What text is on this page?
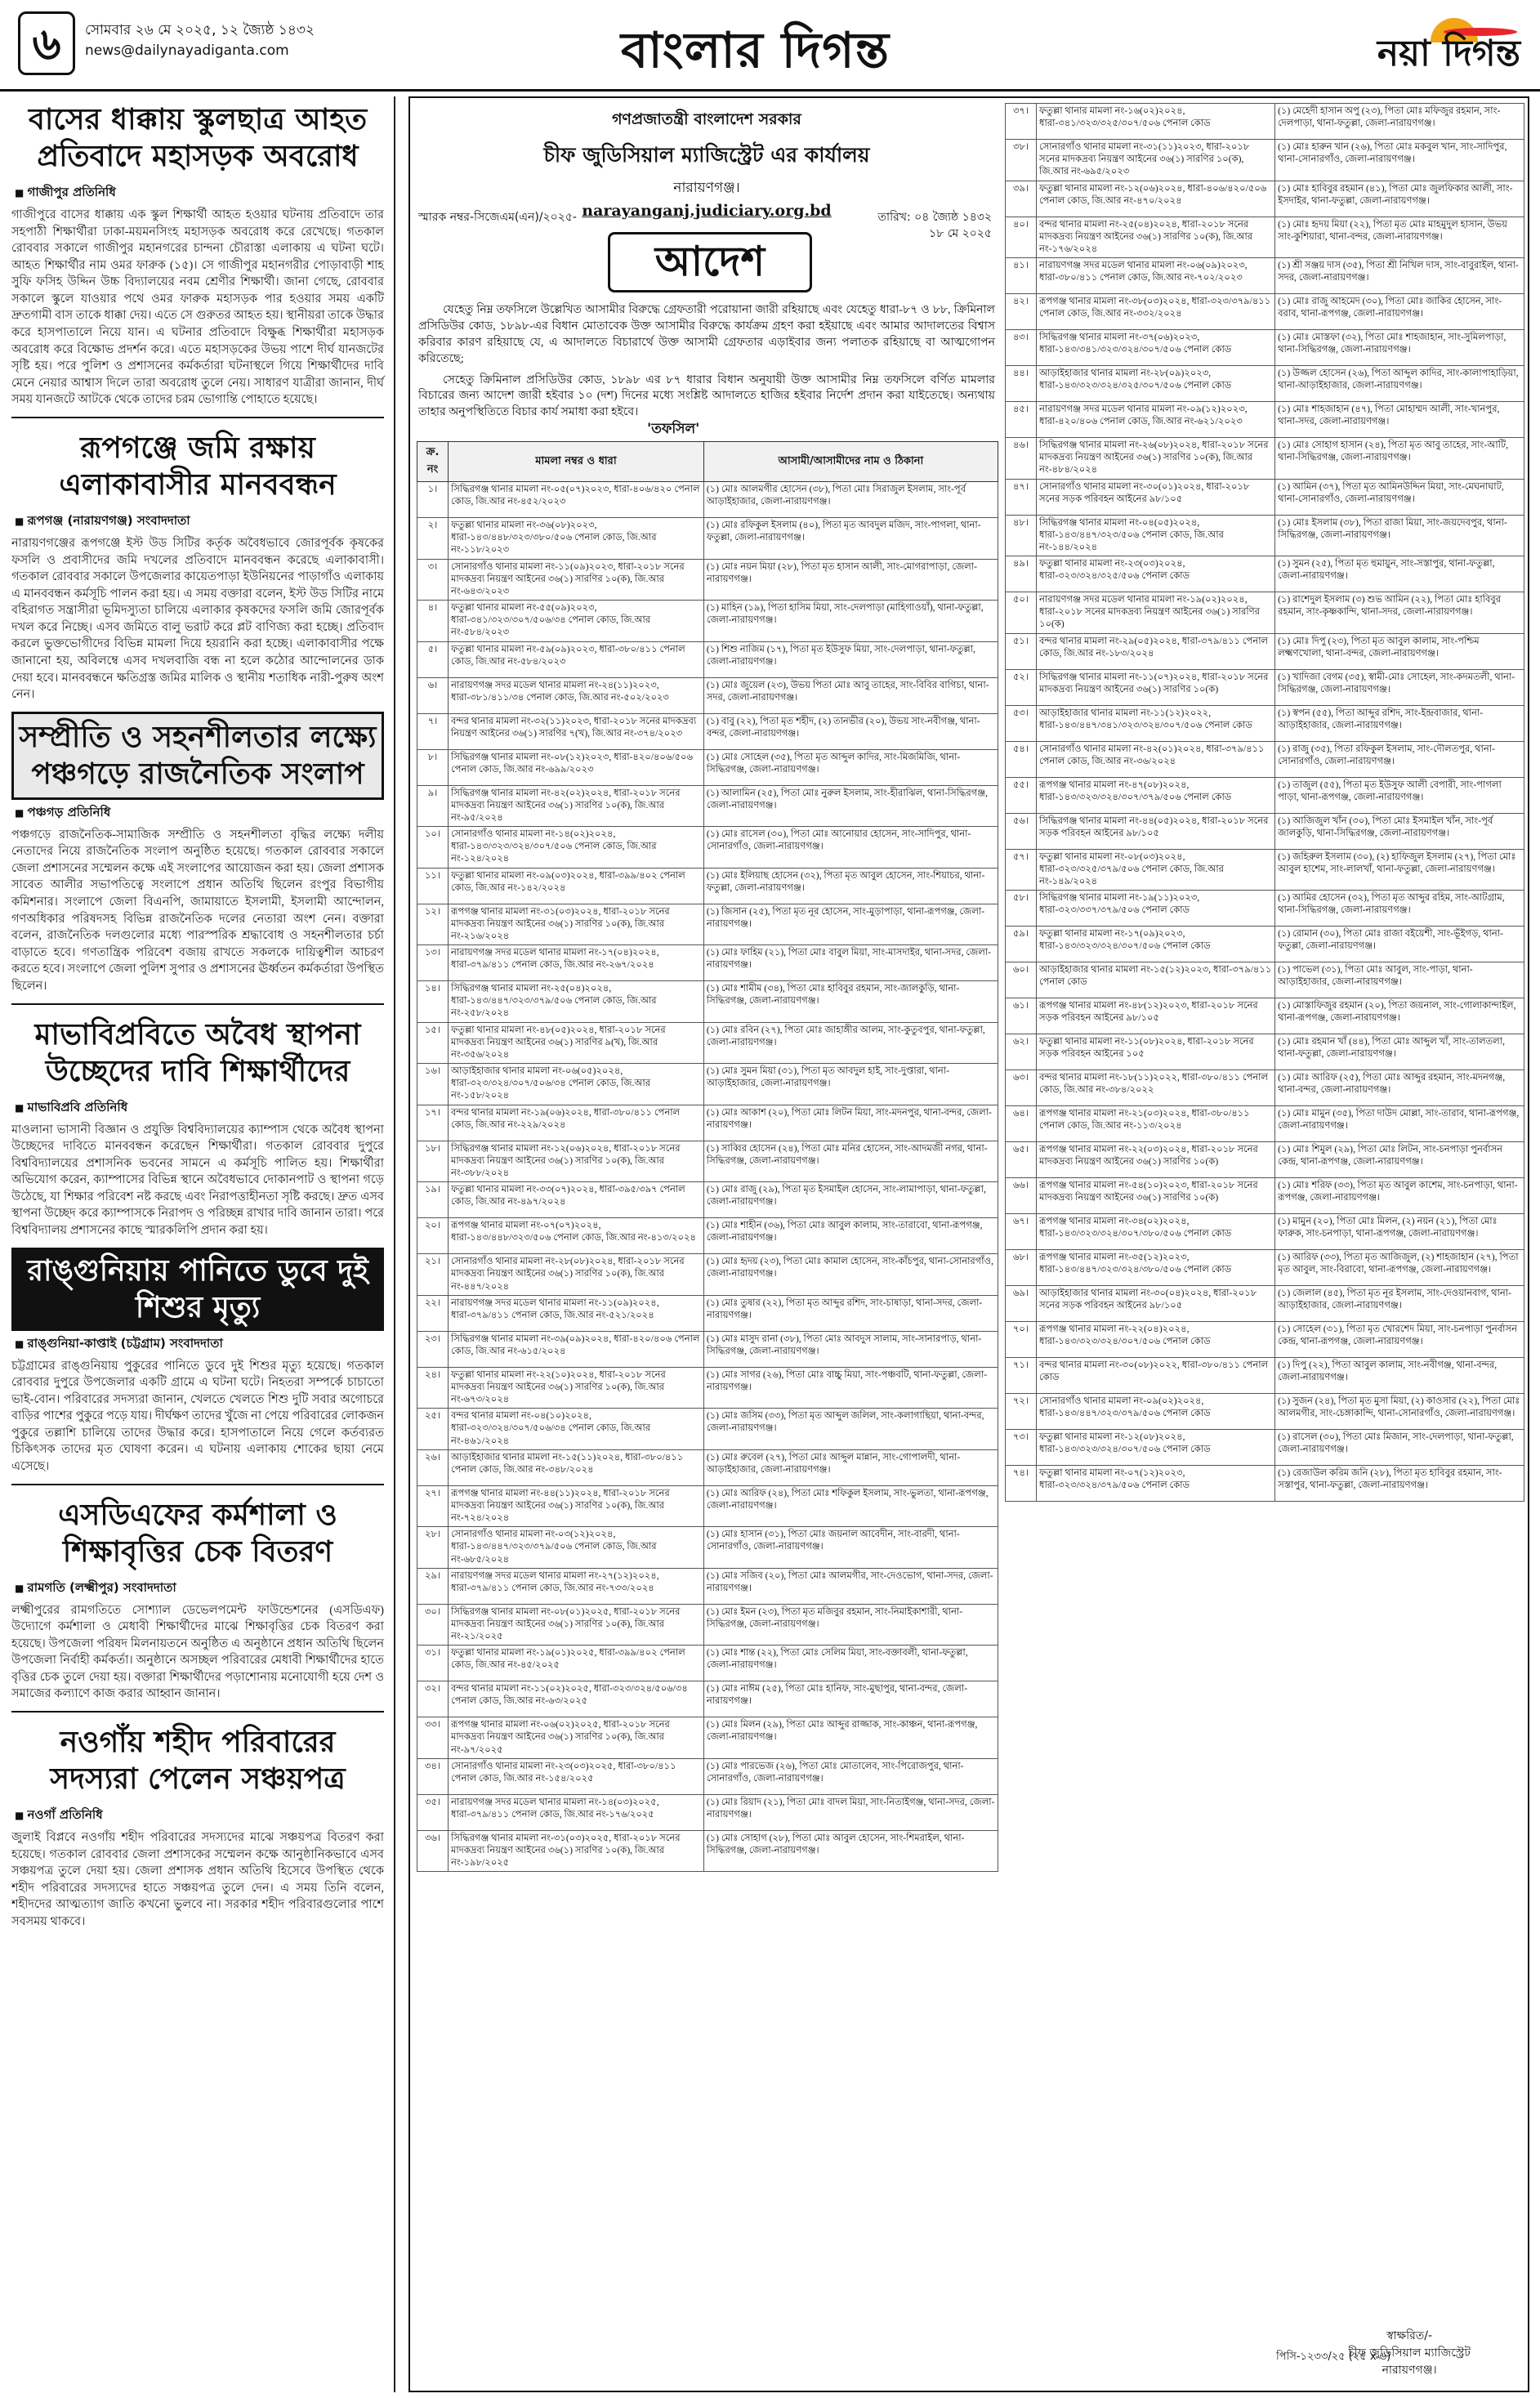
৬	সোমবার ২৬ মে ২০২৫, ১২ জ্যৈষ্ঠ ১৪৩২
news@dailynayadiganta.com	বাংলার দিগন্ত	নয়া দিগন্ত
বাসের ধাক্কায় স্কুলছাত্র আহত প্রতিবাদে মহাসড়ক অবরোধ
■ গাজীপুর প্রতিনিধি

গাজীপুরে বাসের ধাক্কায় এক স্কুল শিক্ষার্থী আহত হওয়ার ঘটনায় প্রতিবাদে তার সহপাঠী শিক্ষার্থীরা ঢাকা-ময়মনসিংহ মহাসড়ক অবরোধ করে রেখেছে। গতকাল রোববার সকালে গাজীপুর মহানগরের চান্দনা চৌরাস্তা এলাকায় এ ঘটনা ঘটে। আহত শিক্ষার্থীর নাম ওমর ফারুক (১৫)। সে গাজীপুর মহানগরীর পোড়াবাড়ী শাহ সুফি ফসিহ উদ্দিন উচ্চ বিদ্যালয়ের নবম শ্রেণীর শিক্ষার্থী। জানা গেছে, রোববার সকালে স্কুলে যাওয়ার পথে ওমর ফারুক মহাসড়ক পার হওয়ার সময় একটি দ্রুতগামী বাস তাকে ধাক্কা দেয়। এতে সে গুরুতর আহত হয়। স্থানীয়রা তাকে উদ্ধার করে হাসপাতালে নিয়ে যান। এ ঘটনার প্রতিবাদে বিক্ষুব্ধ শিক্ষার্থীরা মহাসড়ক অবরোধ করে বিক্ষোভ প্রদর্শন করে। এতে মহাসড়কের উভয় পাশে দীর্ঘ যানজটের সৃষ্টি হয়। পরে পুলিশ ও প্রশাসনের কর্মকর্তারা ঘটনাস্থলে গিয়ে শিক্ষার্থীদের দাবি মেনে নেয়ার আশ্বাস দিলে তারা অবরোধ তুলে নেয়। সাধারণ যাত্রীরা জানান, দীর্ঘ সময় যানজটে আটকে থেকে তাদের চরম ভোগান্তি পোহাতে হয়েছে।

রূপগঞ্জে জমি রক্ষায় এলাকাবাসীর মানববন্ধন
■ রূপগঞ্জ (নারায়ণগঞ্জ) সংবাদদাতা

নারায়ণগঞ্জের রূপগঞ্জে ইস্ট উড সিটির কর্তৃক অবৈধভাবে জোরপূর্বক কৃষকের ফসলি ও প্রবাসীদের জমি দখলের প্রতিবাদে মানববন্ধন করেছে এলাকাবাসী। গতকাল রোববার সকালে উপজেলার কায়েতপাড়া ইউনিয়নের পাড়াগাঁও এলাকায় এ মানববন্ধন কর্মসূচি পালন করা হয়। এ সময় বক্তারা বলেন, ইস্ট উড সিটির নামে বহিরাগত সন্ত্রাসীরা ভূমিদস্যুতা চালিয়ে এলাকার কৃষকদের ফসলি জমি জোরপূর্বক দখল করে নিচ্ছে। এসব জমিতে বালু ভরাট করে প্লট বাণিজ্য করা হচ্ছে। প্রতিবাদ করলে ভুক্তভোগীদের বিভিন্ন মামলা দিয়ে হয়রানি করা হচ্ছে। এলাকাবাসীর পক্ষে জানানো হয়, অবিলম্বে এসব দখলবাজি বন্ধ না হলে কঠোর আন্দোলনের ডাক দেয়া হবে। মানববন্ধনে ক্ষতিগ্রস্ত জমির মালিক ও স্থানীয় শতাধিক নারী-পুরুষ অংশ নেন।

সম্প্রীতি ও সহনশীলতার লক্ষ্যে পঞ্চগড়ে রাজনৈতিক সংলাপ
■ পঞ্চগড় প্রতিনিধি

পঞ্চগড়ে রাজনৈতিক-সামাজিক সম্প্রীতি ও সহনশীলতা বৃদ্ধির লক্ষ্যে দলীয় নেতাদের নিয়ে রাজনৈতিক সংলাপ অনুষ্ঠিত হয়েছে। গতকাল রোববার সকালে জেলা প্রশাসনের সম্মেলন কক্ষে এই সংলাপের আয়োজন করা হয়। জেলা প্রশাসক সাবেত আলীর সভাপতিত্বে সংলাপে প্রধান অতিথি ছিলেন রংপুর বিভাগীয় কমিশনার। সংলাপে জেলা বিএনপি, জামায়াতে ইসলামী, ইসলামী আন্দোলন, গণঅধিকার পরিষদসহ বিভিন্ন রাজনৈতিক দলের নেতারা অংশ নেন। বক্তারা বলেন, রাজনৈতিক দলগুলোর মধ্যে পারস্পরিক শ্রদ্ধাবোধ ও সহনশীলতার চর্চা বাড়াতে হবে। গণতান্ত্রিক পরিবেশ বজায় রাখতে সকলকে দায়িত্বশীল আচরণ করতে হবে। সংলাপে জেলা পুলিশ সুপার ও প্রশাসনের ঊর্ধ্বতন কর্মকর্তারা উপস্থিত ছিলেন।

মাভাবিপ্রবিতে অবৈধ স্থাপনা উচ্ছেদের দাবি শিক্ষার্থীদের
■ মাভাবিপ্রবি প্রতিনিধি

মাওলানা ভাসানী বিজ্ঞান ও প্রযুক্তি বিশ্ববিদ্যালয়ের ক্যাম্পাস থেকে অবৈধ স্থাপনা উচ্ছেদের দাবিতে মানববন্ধন করেছেন শিক্ষার্থীরা। গতকাল রোববার দুপুরে বিশ্ববিদ্যালয়ের প্রশাসনিক ভবনের সামনে এ কর্মসূচি পালিত হয়। শিক্ষার্থীরা অভিযোগ করেন, ক্যাম্পাসের বিভিন্ন স্থানে অবৈধভাবে দোকানপাট ও স্থাপনা গড়ে উঠেছে, যা শিক্ষার পরিবেশ নষ্ট করছে এবং নিরাপত্তাহীনতা সৃষ্টি করছে। দ্রুত এসব স্থাপনা উচ্ছেদ করে ক্যাম্পাসকে নিরাপদ ও পরিচ্ছন্ন রাখার দাবি জানান তারা। পরে বিশ্ববিদ্যালয় প্রশাসনের কাছে স্মারকলিপি প্রদান করা হয়।

রাঙ্গুনিয়ায় পানিতে ডুবে দুই শিশুর মৃত্যু
■ রাঙ্গুনিয়া-কাপ্তাই (চট্টগ্রাম) সংবাদদাতা

চট্টগ্রামের রাঙ্গুনিয়ায় পুকুরের পানিতে ডুবে দুই শিশুর মৃত্যু হয়েছে। গতকাল রোববার দুপুরে উপজেলার একটি গ্রামে এ ঘটনা ঘটে। নিহতরা সম্পর্কে চাচাতো ভাই-বোন। পরিবারের সদস্যরা জানান, খেলতে খেলতে শিশু দুটি সবার অগোচরে বাড়ির পাশের পুকুরে পড়ে যায়। দীর্ঘক্ষণ তাদের খুঁজে না পেয়ে পরিবারের লোকজন পুকুরে তল্লাশি চালিয়ে তাদের উদ্ধার করে। হাসপাতালে নিয়ে গেলে কর্তব্যরত চিকিৎসক তাদের মৃত ঘোষণা করেন। এ ঘটনায় এলাকায় শোকের ছায়া নেমে এসেছে।

এসডিএফের কর্মশালা ও শিক্ষাবৃত্তির চেক বিতরণ
■ রামগতি (লক্ষ্মীপুর) সংবাদদাতা

লক্ষ্মীপুরের রামগতিতে সোশ্যাল ডেভেলপমেন্ট ফাউন্ডেশনের (এসডিএফ) উদ্যোগে কর্মশালা ও মেধাবী শিক্ষার্থীদের মাঝে শিক্ষাবৃত্তির চেক বিতরণ করা হয়েছে। উপজেলা পরিষদ মিলনায়তনে অনুষ্ঠিত এ অনুষ্ঠানে প্রধান অতিথি ছিলেন উপজেলা নির্বাহী কর্মকর্তা। অনুষ্ঠানে অসচ্ছল পরিবারের মেধাবী শিক্ষার্থীদের হাতে বৃত্তির চেক তুলে দেয়া হয়। বক্তারা শিক্ষার্থীদের পড়াশোনায় মনোযোগী হয়ে দেশ ও সমাজের কল্যাণে কাজ করার আহ্বান জানান।

নওগাঁয় শহীদ পরিবারের সদস্যরা পেলেন সঞ্চয়পত্র
■ নওগাঁ প্রতিনিধি

জুলাই বিপ্লবে নওগাঁয় শহীদ পরিবারের সদস্যদের মাঝে সঞ্চয়পত্র বিতরণ করা হয়েছে। গতকাল রোববার জেলা প্রশাসকের সম্মেলন কক্ষে আনুষ্ঠানিকভাবে এসব সঞ্চয়পত্র তুলে দেয়া হয়। জেলা প্রশাসক প্রধান অতিথি হিসেবে উপস্থিত থেকে শহীদ পরিবারের সদস্যদের হাতে সঞ্চয়পত্র তুলে দেন। এ সময় তিনি বলেন, শহীদদের আত্মত্যাগ জাতি কখনো ভুলবে না। সরকার শহীদ পরিবারগুলোর পাশে সবসময় থাকবে।

গণপ্রজাতন্ত্রী বাংলাদেশ সরকার
চীফ জুডিসিয়াল ম্যাজিস্ট্রেট এর কার্যালয়
নারায়ণগঞ্জ।
narayanganj.judiciary.org.bd
স্মারক নম্বর-সিজেএম(এন)/২০২৫-	তারিখ: ০৪ জ্যৈষ্ঠ ১৪৩২
১৮ মে ২০২৫
আদেশ

যেহেতু নিম্ন তফসিলে উল্লেখিত আসামীর বিরুদ্ধে গ্রেফতারী পরোয়ানা জারী রহিয়াছে এবং যেহেতু ধারা-৮৭ ও ৮৮, ক্রিমিনাল প্রসিডিউর কোড, ১৮৯৮-এর বিধান মোতাবেক উক্ত আসামীর বিরুদ্ধে কার্যক্রম গ্রহণ করা হইয়াছে এবং আমার আদালতের বিশ্বাস করিবার কারণ রহিয়াছে যে, এ আদালতে বিচারার্থে উক্ত আসামী গ্রেফতার এড়াইবার জন্য পলাতক রহিয়াছে বা আত্মগোপন করিতেছে;

সেহেতু ক্রিমিনাল প্রসিডিউর কোড, ১৮৯৮ এর ৮৭ ধারার বিধান অনুযায়ী উক্ত আসামীর নিম্ন তফসিলে বর্ণিত মামলার বিচারের জন্য আদেশ জারী হইবার ১০ (দশ) দিনের মধ্যে সংশ্লিষ্ট আদালতে হাজির হইবার নির্দেশ প্রদান করা যাইতেছে। অন্যথায় তাহার অনুপস্থিতিতে বিচার কার্য সমাধা করা হইবে।

'তফসিল'
ক্র. নং	মামলা নম্বর ও ধারা	আসামী/আসামীদের নাম ও ঠিকানা
১।	সিদ্ধিরগঞ্জ থানার মামলা নং-০৫(০৭)২০২৩, ধারা-৪০৬/৪২০ পেনাল কোড, জি.আর নং-৪৫২/২০২৩	(১) মোঃ আলমগীর হোসেন (৩৮), পিতা মোঃ সিরাজুল ইসলাম, সাং-পূর্ব আড়াইহাজার, জেলা-নারায়ণগঞ্জ।
২।	ফতুল্লা থানার মামলা নং-৩৬(০৮)২০২৩, ধারা-১৪৩/৪৪৮/৩২৩/৩৮০/৫০৬ পেনাল কোড, জি.আর নং-১১৮/২০২৩	(১) মোঃ রফিকুল ইসলাম (৪০), পিতা মৃত আবদুল মজিদ, সাং-পাগলা, থানা-ফতুল্লা, জেলা-নারায়ণগঞ্জ।
৩।	সোনারগাঁও থানার মামলা নং-১১(০৯)২০২৩, ধারা-২০১৮ সনের মাদকদ্রব্য নিয়ন্ত্রণ আইনের ৩৬(১) সারণির ১০(ক), জি.আর নং-৬৪৩/২০২৩	(১) মোঃ নয়ন মিয়া (২৮), পিতা মৃত হাসান আলী, সাং-মোগরাপাড়া, জেলা-নারায়ণগঞ্জ।
৪।	ফতুল্লা থানার মামলা নং-৫৫(০৯)২০২৩, ধারা-৩৪১/৩২৩/৩০৭/৫০৬/৩৪ পেনাল কোড, জি.আর নং-৫৮৪/২০২৩	(১) মাহিন (১৯), পিতা হাসিম মিয়া, সাং-দেলপাড়া (মাহিগাওয়াঁ), থানা-ফতুল্লা, জেলা-নারায়ণগঞ্জ।
৫।	ফতুল্লা থানার মামলা নং-৫৯(০৯)২০২৩, ধারা-৩৮০/৪১১ পেনাল কোড, জি.আর নং-৫৮৪/২০২৩	(১) শিশু নাজিম (১৭), পিতা মৃত ইউসুফ মিয়া, সাং-দেলপাড়া, থানা-ফতুল্লা, জেলা-নারায়ণগঞ্জ।
৬।	নারায়ণগঞ্জ সদর মডেল থানার মামলা নং-২৪(১১)২০২৩, ধারা-৩৮১/৪১১/৩৪ পেনাল কোড, জি.আর নং-৫০২/২০২৩	(১) মোঃ জুয়েল (২৩), উভয় পিতা মোঃ আবু তাহের, সাং-বিবির বাগিচা, থানা-সদর, জেলা-নারায়ণগঞ্জ।
৭।	বন্দর থানার মামলা নং-৩২(১১)২০২৩, ধারা-২০১৮ সনের মাদকদ্রব্য নিয়ন্ত্রণ আইনের ৩৬(১) সারণির ৭(খ), জি.আর নং-৩৭৪/২০২৩	(১) বাবু (২২), পিতা মৃত শহীদ, (২) তানভীর (২০), উভয় সাং-নবীগঞ্জ, থানা-বন্দর, জেলা-নারায়ণগঞ্জ।
৮।	সিদ্ধিরগঞ্জ থানার মামলা নং-০৮(১২)২০২৩, ধারা-৪২০/৪০৬/৫০৬ পেনাল কোড, জি.আর নং-৬৯৯/২০২৩	(১) মোঃ সোহেল (৩৫), পিতা মৃত আব্দুল কাদির, সাং-মিজমিজি, থানা-সিদ্ধিরগঞ্জ, জেলা-নারায়ণগঞ্জ।
৯।	সিদ্ধিরগঞ্জ থানার মামলা নং-৪২(০২)২০২৪, ধারা-২০১৮ সনের মাদকদ্রব্য নিয়ন্ত্রণ আইনের ৩৬(১) সারণির ১০(ক), জি.আর নং-৯৫/২০২৪	(১) আলামিন (২৫), পিতা মোঃ নুরুল ইসলাম, সাং-হীরাঝিল, থানা-সিদ্ধিরগঞ্জ, জেলা-নারায়ণগঞ্জ।
১০।	সোনারগাঁও থানার মামলা নং-১৪(০২)২০২৪, ধারা-১৪৩/৩২৩/৩২৪/৩০৭/৫০৬ পেনাল কোড, জি.আর নং-১২৪/২০২৪	(১) মোঃ রাসেল (৩০), পিতা মোঃ আনোয়ার হোসেন, সাং-সাদিপুর, থানা-সোনারগাঁও, জেলা-নারায়ণগঞ্জ।
১১।	ফতুল্লা থানার মামলা নং-০৯(০৩)২০২৪, ধারা-৩৯৯/৪০২ পেনাল কোড, জি.আর নং-১৪২/২০২৪	(১) মোঃ ইলিয়াছ হোসেন (৩২), পিতা মৃত আবুল হোসেন, সাং-শিয়াচর, থানা-ফতুল্লা, জেলা-নারায়ণগঞ্জ।
১২।	রূপগঞ্জ থানার মামলা নং-৩১(০৩)২০২৪, ধারা-২০১৮ সনের মাদকদ্রব্য নিয়ন্ত্রণ আইনের ৩৬(১) সারণির ১০(ক), জি.আর নং-২১৬/২০২৪	(১) জিসান (২৫), পিতা মৃত নূর হোসেন, সাং-মুড়াপাড়া, থানা-রূপগঞ্জ, জেলা-নারায়ণগঞ্জ।
১৩।	নারায়ণগঞ্জ সদর মডেল থানার মামলা নং-১৭(০৪)২০২৪, ধারা-৩৭৯/৪১১ পেনাল কোড, জি.আর নং-২৬৭/২০২৪	(১) মোঃ ফাহিম (২১), পিতা মোঃ বাবুল মিয়া, সাং-মাসদাইর, থানা-সদর, জেলা-নারায়ণগঞ্জ।
১৪।	সিদ্ধিরগঞ্জ থানার মামলা নং-২৫(০৪)২০২৪, ধারা-১৪৩/৪৪৭/৩২৩/৩৭৯/৫০৬ পেনাল কোড, জি.আর নং-২৫৮/২০২৪	(১) মোঃ শামীম (৩৪), পিতা মোঃ হাবিবুর রহমান, সাং-জালকুড়ি, থানা-সিদ্ধিরগঞ্জ, জেলা-নারায়ণগঞ্জ।
১৫।	ফতুল্লা থানার মামলা নং-৪৮(০৫)২০২৪, ধারা-২০১৮ সনের মাদকদ্রব্য নিয়ন্ত্রণ আইনের ৩৬(১) সারণির ৯(খ), জি.আর নং-৩৫৬/২০২৪	(১) মোঃ রবিন (২৭), পিতা মোঃ জাহাঙ্গীর আলম, সাং-কুতুবপুর, থানা-ফতুল্লা, জেলা-নারায়ণগঞ্জ।
১৬।	আড়াইহাজার থানার মামলা নং-০৬(০৫)২০২৪, ধারা-৩২৩/৩২৪/৩০৭/৫০৬/৩৪ পেনাল কোড, জি.আর নং-১৫৮/২০২৪	(১) মোঃ সুমন মিয়া (৩১), পিতা মৃত আবদুল হাই, সাং-দুপ্তারা, থানা-আড়াইহাজার, জেলা-নারায়ণগঞ্জ।
১৭।	বন্দর থানার মামলা নং-১৯(০৬)২০২৪, ধারা-৩৮০/৪১১ পেনাল কোড, জি.আর নং-২২৯/২০২৪	(১) মোঃ আকাশ (২০), পিতা মোঃ লিটন মিয়া, সাং-মদনপুর, থানা-বন্দর, জেলা-নারায়ণগঞ্জ।
১৮।	সিদ্ধিরগঞ্জ থানার মামলা নং-১২(০৬)২০২৪, ধারা-২০১৮ সনের মাদকদ্রব্য নিয়ন্ত্রণ আইনের ৩৬(১) সারণির ১০(ক), জি.আর নং-৩৮৮/২০২৪	(১) সাব্বির হোসেন (২৪), পিতা মোঃ মনির হোসেন, সাং-আদমজী নগর, থানা-সিদ্ধিরগঞ্জ, জেলা-নারায়ণগঞ্জ।
১৯।	ফতুল্লা থানার মামলা নং-৩৩(০৭)২০২৪, ধারা-৩৯৫/৩৯৭ পেনাল কোড, জি.আর নং-৪৯৭/২০২৪	(১) মোঃ রাজু (২৯), পিতা মৃত ইসমাইল হোসেন, সাং-লামাপাড়া, থানা-ফতুল্লা, জেলা-নারায়ণগঞ্জ।
২০।	রূপগঞ্জ থানার মামলা নং-০৭(০৭)২০২৪, ধারা-১৪৩/৪৪৮/৩২৩/৫০৬ পেনাল কোড, জি.আর নং-৪১৩/২০২৪	(১) মোঃ শাহীন (৩৬), পিতা মোঃ আবুল কালাম, সাং-তারাবো, থানা-রূপগঞ্জ, জেলা-নারায়ণগঞ্জ।
২১।	সোনারগাঁও থানার মামলা নং-২৮(০৮)২০২৪, ধারা-২০১৮ সনের মাদকদ্রব্য নিয়ন্ত্রণ আইনের ৩৬(১) সারণির ১০(ক), জি.আর নং-৪৪৭/২০২৪	(১) মোঃ হৃদয় (২৩), পিতা মোঃ কামাল হোসেন, সাং-কাঁচপুর, থানা-সোনারগাঁও, জেলা-নারায়ণগঞ্জ।
২২।	নারায়ণগঞ্জ সদর মডেল থানার মামলা নং-১১(০৯)২০২৪, ধারা-৩৭৯/৪১১ পেনাল কোড, জি.আর নং-৫২১/২০২৪	(১) মোঃ তুষার (২২), পিতা মৃত আব্দুর রশিদ, সাং-চাষাড়া, থানা-সদর, জেলা-নারায়ণগঞ্জ।
২৩।	সিদ্ধিরগঞ্জ থানার মামলা নং-৩৯(০৯)২০২৪, ধারা-৪২০/৪০৬ পেনাল কোড, জি.আর নং-৬১৫/২০২৪	(১) মোঃ মাসুদ রানা (৩৮), পিতা মোঃ আবদুস সালাম, সাং-সানারপাড়, থানা-সিদ্ধিরগঞ্জ, জেলা-নারায়ণগঞ্জ।
২৪।	ফতুল্লা থানার মামলা নং-২২(১০)২০২৪, ধারা-২০১৮ সনের মাদকদ্রব্য নিয়ন্ত্রণ আইনের ৩৬(১) সারণির ১০(ক), জি.আর নং-৬৭৩/২০২৪	(১) মোঃ সাগর (২৬), পিতা মোঃ বাচ্চু মিয়া, সাং-পঞ্চবটি, থানা-ফতুল্লা, জেলা-নারায়ণগঞ্জ।
২৫।	বন্দর থানার মামলা নং-০৪(১০)২০২৪, ধারা-৩২৩/৩২৪/৩০৭/৫০৬/৩৪ পেনাল কোড, জি.আর নং-৪৬১/২০২৪	(১) মোঃ জসিম (৩৩), পিতা মৃত আব্দুল জলিল, সাং-কলাগাছিয়া, থানা-বন্দর, জেলা-নারায়ণগঞ্জ।
২৬।	আড়াইহাজার থানার মামলা নং-১৫(১১)২০২৪, ধারা-৩৮০/৪১১ পেনাল কোড, জি.আর নং-৩৪৮/২০২৪	(১) মোঃ রুবেল (২৭), পিতা মোঃ আব্দুল মান্নান, সাং-গোপালদী, থানা-আড়াইহাজার, জেলা-নারায়ণগঞ্জ।
২৭।	রূপগঞ্জ থানার মামলা নং-৪৪(১১)২০২৪, ধারা-২০১৮ সনের মাদকদ্রব্য নিয়ন্ত্রণ আইনের ৩৬(১) সারণির ১০(ক), জি.আর নং-৭২৪/২০২৪	(১) মোঃ আরিফ (২৪), পিতা মোঃ শফিকুল ইসলাম, সাং-ভুলতা, থানা-রূপগঞ্জ, জেলা-নারায়ণগঞ্জ।
২৮।	সোনারগাঁও থানার মামলা নং-০৩(১২)২০২৪, ধারা-১৪৩/৪৪৭/৩২৩/৩৭৯/৫০৬ পেনাল কোড, জি.আর নং-৬৮৫/২০২৪	(১) মোঃ হাসান (৩১), পিতা মোঃ জয়নাল আবেদীন, সাং-বারদী, থানা-সোনারগাঁও, জেলা-নারায়ণগঞ্জ।
২৯।	নারায়ণগঞ্জ সদর মডেল থানার মামলা নং-২৭(১২)২০২৪, ধারা-৩৭৯/৪১১ পেনাল কোড, জি.আর নং-৭৩৩/২০২৪	(১) মোঃ সজিব (২০), পিতা মোঃ আলমগীর, সাং-দেওভোগ, থানা-সদর, জেলা-নারায়ণগঞ্জ।
৩০।	সিদ্ধিরগঞ্জ থানার মামলা নং-০৮(০১)২০২৫, ধারা-২০১৮ সনের মাদকদ্রব্য নিয়ন্ত্রণ আইনের ৩৬(১) সারণির ১০(ক), জি.আর নং-২১/২০২৫	(১) মোঃ ইমন (২৩), পিতা মৃত মজিবুর রহমান, সাং-নিমাইকাশারী, থানা-সিদ্ধিরগঞ্জ, জেলা-নারায়ণগঞ্জ।
৩১।	ফতুল্লা থানার মামলা নং-১৯(০১)২০২৫, ধারা-৩৯৯/৪০২ পেনাল কোড, জি.আর নং-৪৫/২০২৫	(১) মোঃ শান্ত (২২), পিতা মোঃ সেলিম মিয়া, সাং-বক্তাবলী, থানা-ফতুল্লা, জেলা-নারায়ণগঞ্জ।
৩২।	বন্দর থানার মামলা নং-১১(০২)২০২৫, ধারা-৩২৩/৩২৪/৫০৬/৩৪ পেনাল কোড, জি.আর নং-৬৩/২০২৫	(১) মোঃ নাঈম (২৫), পিতা মোঃ হানিফ, সাং-মুছাপুর, থানা-বন্দর, জেলা-নারায়ণগঞ্জ।
৩৩।	রূপগঞ্জ থানার মামলা নং-০৬(০২)২০২৫, ধারা-২০১৮ সনের মাদকদ্রব্য নিয়ন্ত্রণ আইনের ৩৬(১) সারণির ১০(ক), জি.আর নং-৯৭/২০২৫	(১) মোঃ মিলন (২৯), পিতা মোঃ আব্দুর রাজ্জাক, সাং-কাঞ্চন, থানা-রূপগঞ্জ, জেলা-নারায়ণগঞ্জ।
৩৪।	সোনারগাঁও থানার মামলা নং-২৩(০৩)২০২৫, ধারা-৩৮০/৪১১ পেনাল কোড, জি.আর নং-১৫৪/২০২৫	(১) মোঃ পারভেজ (২৬), পিতা মোঃ মোতালেব, সাং-পিরোজপুর, থানা-সোনারগাঁও, জেলা-নারায়ণগঞ্জ।
৩৫।	নারায়ণগঞ্জ সদর মডেল থানার মামলা নং-১৪(০৩)২০২৫, ধারা-৩৭৯/৪১১ পেনাল কোড, জি.আর নং-১৭৬/২০২৫	(১) মোঃ রিয়াদ (২১), পিতা মোঃ বাদল মিয়া, সাং-নিতাইগঞ্জ, থানা-সদর, জেলা-নারায়ণগঞ্জ।
৩৬।	সিদ্ধিরগঞ্জ থানার মামলা নং-৩১(০৩)২০২৫, ধারা-২০১৮ সনের মাদকদ্রব্য নিয়ন্ত্রণ আইনের ৩৬(১) সারণির ১০(ক), জি.আর নং-১৯৮/২০২৫	(১) মোঃ সোহাগ (২৮), পিতা মোঃ আবুল হোসেন, সাং-শিমরাইল, থানা-সিদ্ধিরগঞ্জ, জেলা-নারায়ণগঞ্জ।
৩৭।	ফতুল্লা থানার মামলা নং-১৬(০২)২০২৪, ধারা-৩৪১/৩২৩/৩২৫/৩০৭/৫০৬ পেনাল কোড	(১) মেহেদী হাসান অপু (২৩), পিতা মোঃ মফিজুর রহমান, সাং-দেলপাড়া, থানা-ফতুল্লা, জেলা-নারায়ণগঞ্জ।
৩৮।	সোনারগাঁও থানার মামলা নং-৩১(১১)২০২৩, ধারা-২০১৮ সনের মাদকদ্রব্য নিয়ন্ত্রণ আইনের ৩৬(১) সারণির ১০(ক), জি.আর নং-৬৯৫/২০২৩	(১) মোঃ হারুন খান (২৬), পিতা মোঃ মকবুল খান, সাং-সাদিপুর, থানা-সোনারগাঁও, জেলা-নারায়ণগঞ্জ।
৩৯।	ফতুল্লা থানার মামলা নং-১২(০৬)২০২৪, ধারা-৪০৬/৪২০/৫০৬ পেনাল কোড, জি.আর নং-৪৭০/২০২৪	(১) মোঃ হাবিবুর রহমান (৪১), পিতা মোঃ জুলফিকার আলী, সাং-ইসদাইর, থানা-ফতুল্লা, জেলা-নারায়ণগঞ্জ।
৪০।	বন্দর থানার মামলা নং-২৫(০৪)২০২৪, ধারা-২০১৮ সনের মাদকদ্রব্য নিয়ন্ত্রণ আইনের ৩৬(১) সারণির ১০(ক), জি.আর নং-১৭৬/২০২৪	(১) মোঃ হৃদয় মিয়া (২২), পিতা মৃত মোঃ মাহমুদুল হাসান, উভয় সাং-কুশিয়ারা, থানা-বন্দর, জেলা-নারায়ণগঞ্জ।
৪১।	নারায়ণগঞ্জ সদর মডেল থানার মামলা নং-০৬(০৯)২০২৩, ধারা-৩৮০/৪১১ পেনাল কোড, জি.আর নং-৭০২/২০২৩	(১) শ্রী সঞ্জয় দাস (৩৫), পিতা শ্রী নিখিল দাস, সাং-বাবুরাইল, থানা-সদর, জেলা-নারায়ণগঞ্জ।
৪২।	রূপগঞ্জ থানার মামলা নং-৩৮(০৩)২০২৪, ধারা-৩২৩/৩৭৯/৪১১ পেনাল কোড, জি.আর নং-৩৩২/২০২৪	(১) মোঃ রাজু আহমেদ (৩০), পিতা মোঃ জাকির হোসেন, সাং-বরাব, থানা-রূপগঞ্জ, জেলা-নারায়ণগঞ্জ।
৪৩।	সিদ্ধিরগঞ্জ থানার মামলা নং-৩৭(০৬)২০২৩, ধারা-১৪৩/৩৪১/৩২৩/৩২৪/৩০৭/৫০৬ পেনাল কোড	(১) মোঃ মোস্তফা (৩২), পিতা মোঃ শাহজাহান, সাং-সুমিলপাড়া, থানা-সিদ্ধিরগঞ্জ, জেলা-নারায়ণগঞ্জ।
৪৪।	আড়াইহাজার থানার মামলা নং-২৮(০৯)২০২৩, ধারা-১৪৩/৩২৩/৩২৪/৩২৫/৩০৭/৫০৬ পেনাল কোড	(১) উজ্জল হোসেন (২৬), পিতা আব্দুল কাদির, সাং-কালাপাহাড়িয়া, থানা-আড়াইহাজার, জেলা-নারায়ণগঞ্জ।
৪৫।	নারায়ণগঞ্জ সদর মডেল থানার মামলা নং-০৯(১২)২০২৩, ধারা-৪২০/৪০৬ পেনাল কোড, জি.আর নং-৬২১/২০২৩	(১) মোঃ শাহজাহান (৪৭), পিতা মোহাম্মদ আলী, সাং-খানপুর, থানা-সদর, জেলা-নারায়ণগঞ্জ।
৪৬।	সিদ্ধিরগঞ্জ থানার মামলা নং-২৬(০৮)২০২৪, ধারা-২০১৮ সনের মাদকদ্রব্য নিয়ন্ত্রণ আইনের ৩৬(১) সারণির ১০(ক), জি.আর নং-৪৮৪/২০২৪	(১) মোঃ সোহাগ হাসান (২৪), পিতা মৃত আবু তাহের, সাং-আটি, থানা-সিদ্ধিরগঞ্জ, জেলা-নারায়ণগঞ্জ।
৪৭।	সোনারগাঁও থানার মামলা নং-৩০(০১)২০২৪, ধারা-২০১৮ সনের সড়ক পরিবহন আইনের ৯৮/১০৫	(১) আমিন (৩৭), পিতা মৃত আমিনউদ্দিন মিয়া, সাং-মেঘনাঘাট, থানা-সোনারগাঁও, জেলা-নারায়ণগঞ্জ।
৪৮।	সিদ্ধিরগঞ্জ থানার মামলা নং-০৪(০৫)২০২৪, ধারা-১৪৩/৪৪৭/৩২৩/৫০৬ পেনাল কোড, জি.আর নং-১৪৪/২০২৪	(১) মোঃ ইসলাম (৩৮), পিতা রাজা মিয়া, সাং-জয়দেবপুর, থানা-সিদ্ধিরগঞ্জ, জেলা-নারায়ণগঞ্জ।
৪৯।	ফতুল্লা থানার মামলা নং-২৩(০৩)২০২৪, ধারা-৩২৩/৩২৪/৩২৫/৫০৬ পেনাল কোড	(১) সুমন (২৫), পিতা মৃত হুমায়ুন, সাং-সস্তাপুর, থানা-ফতুল্লা, জেলা-নারায়ণগঞ্জ।
৫০।	নারায়ণগঞ্জ সদর মডেল থানার মামলা নং-১৯(০২)২০২৪, ধারা-২০১৮ সনের মাদকদ্রব্য নিয়ন্ত্রণ আইনের ৩৬(১) সারণির ১০(ক)	(১) রাশেদুল ইসলাম (৩) শুভ আমিন (২২), পিতা মোঃ হাবিবুর রহমান, সাং-কৃষ্ণকান্দি, থানা-সদর, জেলা-নারায়ণগঞ্জ।
৫১।	বন্দর থানার মামলা নং-২৯(০৫)২০২৪, ধারা-৩৭৯/৪১১ পেনাল কোড, জি.আর নং-১৮৩/২০২৪	(১) মোঃ দিপু (২৩), পিতা মৃত আবুল কালাম, সাং-পশ্চিম লক্ষ্মণখোলা, থানা-বন্দর, জেলা-নারায়ণগঞ্জ।
৫২।	সিদ্ধিরগঞ্জ থানার মামলা নং-১১(০৭)২০২৪, ধারা-২০১৮ সনের মাদকদ্রব্য নিয়ন্ত্রণ আইনের ৩৬(১) সারণির ১০(ক)	(১) খাদিজা বেগম (৩৫), স্বামী-মোঃ সোহেল, সাং-কদমতলী, থানা-সিদ্ধিরগঞ্জ, জেলা-নারায়ণগঞ্জ।
৫৩।	আড়াইহাজার থানার মামলা নং-১১(১২)২০২২, ধারা-১৪৩/৪৪৭/৩৪১/৩২৩/৩২৪/৩০৭/৫০৬ পেনাল কোড	(১) স্বপন (৫৫), পিতা আব্দুর রশিদ, সাং-ইন্দ্রবাজার, থানা-আড়াইহাজার, জেলা-নারায়ণগঞ্জ।
৫৪।	সোনারগাঁও থানার মামলা নং-৪২(০১)২০২৪, ধারা-৩৭৯/৪১১ পেনাল কোড, জি.আর নং-৩৬/২০২৪	(১) রাজু (৩৫), পিতা রফিকুল ইসলাম, সাং-দৌলতপুর, থানা-সোনারগাঁও, জেলা-নারায়ণগঞ্জ।
৫৫।	রূপগঞ্জ থানার মামলা নং-৪৭(০৮)২০২৪, ধারা-১৪৩/৩২৩/৩২৪/৩০৭/৩৭৯/৫০৬ পেনাল কোড	(১) তাজুল (৫৫), পিতা মৃত ইউসুফ আলী বেপারী, সাং-পাগলা পাড়া, থানা-রূপগঞ্জ, জেলা-নারায়ণগঞ্জ।
৫৬।	সিদ্ধিরগঞ্জ থানার মামলা নং-৪৪(০৫)২০২৪, ধারা-২০১৮ সনের সড়ক পরিবহন আইনের ৯৮/১০৫	(১) আজিজুল খাঁন (৩০), পিতা মোঃ ইসমাইল খাঁন, সাং-পূর্ব জালকুড়ি, থানা-সিদ্ধিরগঞ্জ, জেলা-নারায়ণগঞ্জ।
৫৭।	ফতুল্লা থানার মামলা নং-০৮(০৩)২০২৪, ধারা-৩২৩/৩২৫/৩৭৯/৫০৬ পেনাল কোড, জি.আর নং-১৪৯/২০২৪	(১) জহিরুল ইসলাম (৩০), (২) হাফিজুল ইসলাম (২৭), পিতা মোঃ আবুল হাশেম, সাং-লালখাঁ, থানা-ফতুল্লা, জেলা-নারায়ণগঞ্জ।
৫৮।	সিদ্ধিরগঞ্জ থানার মামলা নং-১৯(১১)২০২৩, ধারা-৩২৩/৩৩৭/৩৭৯/৫০৬ পেনাল কোড	(১) আমির হোসেন (৩২), পিতা মৃত আব্দুর রহিম, সাং-আটগ্রাম, থানা-সিদ্ধিরগঞ্জ, জেলা-নারায়ণগঞ্জ।
৫৯।	ফতুল্লা থানার মামলা নং-১৭(০৯)২০২৩, ধারা-১৪৩/৩২৩/৩২৪/৩০৭/৫০৬ পেনাল কোড	(১) রোমান (৩০), পিতা মোঃ রাজা বইয়েশী, সাং-ভূঁইগড়, থানা-ফতুল্লা, জেলা-নারায়ণগঞ্জ।
৬০।	আড়াইহাজার থানার মামলা নং-১৫(১২)২০২৩, ধারা-৩৭৯/৪১১ পেনাল কোড	(১) পাভেল (৩১), পিতা মোঃ আবুল, সাং-পাড়া, থানা-আড়াইহাজার, জেলা-নারায়ণগঞ্জ।
৬১।	রূপগঞ্জ থানার মামলা নং-৪৮(১২)২০২৩, ধারা-২০১৮ সনের সড়ক পরিবহন আইনের ৯৮/১০৫	(১) মোস্তাফিজুর রহমান (২০), পিতা জয়নাল, সাং-গোলাকান্দাইল, থানা-রূপগঞ্জ, জেলা-নারায়ণগঞ্জ।
৬২।	ফতুল্লা থানার মামলা নং-১১(০৮)২০২৪, ধারা-২০১৮ সনের সড়ক পরিবহন আইনের ১০৫	(১) মোঃ রহমান খাঁ (৪৪), পিতা মোঃ আব্দুল খাঁ, সাং-তালতলা, থানা-ফতুল্লা, জেলা-নারায়ণগঞ্জ।
৬৩।	বন্দর থানার মামলা নং-১৮(১১)২০২২, ধারা-৩৮০/৪১১ পেনাল কোড, জি.আর নং-৩৮৪/২০২২	(১) মোঃ আরিফ (২৫), পিতা মোঃ আব্দুর রহমান, সাং-মদনগঞ্জ, থানা-বন্দর, জেলা-নারায়ণগঞ্জ।
৬৪।	রূপগঞ্জ থানার মামলা নং-২১(০৩)২০২৪, ধারা-৩৮০/৪১১ পেনাল কোড, জি.আর নং-১১৩/২০২৪	(১) মোঃ মামুন (৩৫), পিতা দাউদ মোল্লা, সাং-তারাব, থানা-রূপগঞ্জ, জেলা-নারায়ণগঞ্জ।
৬৫।	রূপগঞ্জ থানার মামলা নং-২২(০৩)২০২৪, ধারা-২০১৮ সনের মাদকদ্রব্য নিয়ন্ত্রণ আইনের ৩৬(১) সারণির ১০(ক)	(১) মোঃ শিমুল (২৯), পিতা মোঃ লিটন, সাং-চনপাড়া পুনর্বাসন কেন্দ্র, থানা-রূপগঞ্জ, জেলা-নারায়ণগঞ্জ।
৬৬।	রূপগঞ্জ থানার মামলা নং-৫৪(১০)২০২৩, ধারা-২০১৮ সনের মাদকদ্রব্য নিয়ন্ত্রণ আইনের ৩৬(১) সারণির ১০(ক)	(১) মোঃ শরিফ (৩৩), পিতা মৃত আবুল কাশেম, সাং-চনপাড়া, থানা-রূপগঞ্জ, জেলা-নারায়ণগঞ্জ।
৬৭।	রূপগঞ্জ থানার মামলা নং-৩৪(০২)২০২৪, ধারা-১৪৩/৩২৩/৩২৪/৩০৭/৩৮০/৫০৬ পেনাল কোড	(১) মামুন (২০), পিতা মোঃ মিলন, (২) নয়ন (২১), পিতা মোঃ ফারুক, সাং-চনপাড়া, থানা-রূপগঞ্জ, জেলা-নারায়ণগঞ্জ।
৬৮।	রূপগঞ্জ থানার মামলা নং-৩৫(১২)২০২৩, ধারা-১৪৩/৪৪৭/৩২৩/৩২৪/৩৮০/৫০৬ পেনাল কোড	(১) আরিফ (৩৩), পিতা মৃত আজিজুল, (২) শাহজাহান (২৭), পিতা মৃত আবুল, সাং-বিরাবো, থানা-রূপগঞ্জ, জেলা-নারায়ণগঞ্জ।
৬৯।	আড়াইহাজার থানার মামলা নং-৩০(০৪)২০২৪, ধারা-২০১৮ সনের সড়ক পরিবহন আইনের ৯৮/১০৫	(১) জেলাল (৪৫), পিতা মৃত নূর ইসলাম, সাং-দেওয়ানবাগ, থানা-আড়াইহাজার, জেলা-নারায়ণগঞ্জ।
৭০।	রূপগঞ্জ থানার মামলা নং-২২(০৪)২০২৪, ধারা-১৪৩/৩২৩/৩২৪/৩০৭/৫০৬ পেনাল কোড	(১) সোহেল (৩১), পিতা মৃত খোরশেদ মিয়া, সাং-চনপাড়া পুনর্বাসন কেন্দ্র, থানা-রূপগঞ্জ, জেলা-নারায়ণগঞ্জ।
৭১।	বন্দর থানার মামলা নং-৩০(০৮)২০২২, ধারা-৩৮০/৪১১ পেনাল কোড	(১) দিপু (২২), পিতা আবুল কালাম, সাং-নবীগঞ্জ, থানা-বন্দর, জেলা-নারায়ণগঞ্জ।
৭২।	সোনারগাঁও থানার মামলা নং-০৯(০২)২০২৪, ধারা-১৪৩/৪৪৭/৩২৩/৩৭৯/৫০৬ পেনাল কোড	(১) সুজন (২৪), পিতা মৃত মুসা মিয়া, (২) কাওসার (২২), পিতা মোঃ আলমগীর, সাং-চেঙ্গাকান্দি, থানা-সোনারগাঁও, জেলা-নারায়ণগঞ্জ।
৭৩।	ফতুল্লা থানার মামলা নং-১২(০৮)২০২৪, ধারা-১৪৩/৩২৩/৩২৪/৩০৭/৫০৬ পেনাল কোড	(১) রাসেল (৩০), পিতা মোঃ মিজান, সাং-দেলপাড়া, থানা-ফতুল্লা, জেলা-নারায়ণগঞ্জ।
৭৪।	ফতুল্লা থানার মামলা নং-০৭(১২)২০২৩, ধারা-৩২৩/৩২৪/৩৭৯/৫০৬ পেনাল কোড	(১) রেজাউল করিম জনি (২৮), পিতা মৃত হাবিবুর রহমান, সাং-সস্তাপুর, থানা-ফতুল্লা, জেলা-নারায়ণগঞ্জ।
পিসি-১২৩৩/২৫ (২৫ x ৬)
স্বাক্ষরিত/-
চীফ জুডিসিয়াল ম্যাজিস্ট্রেট
নারায়ণগঞ্জ।
